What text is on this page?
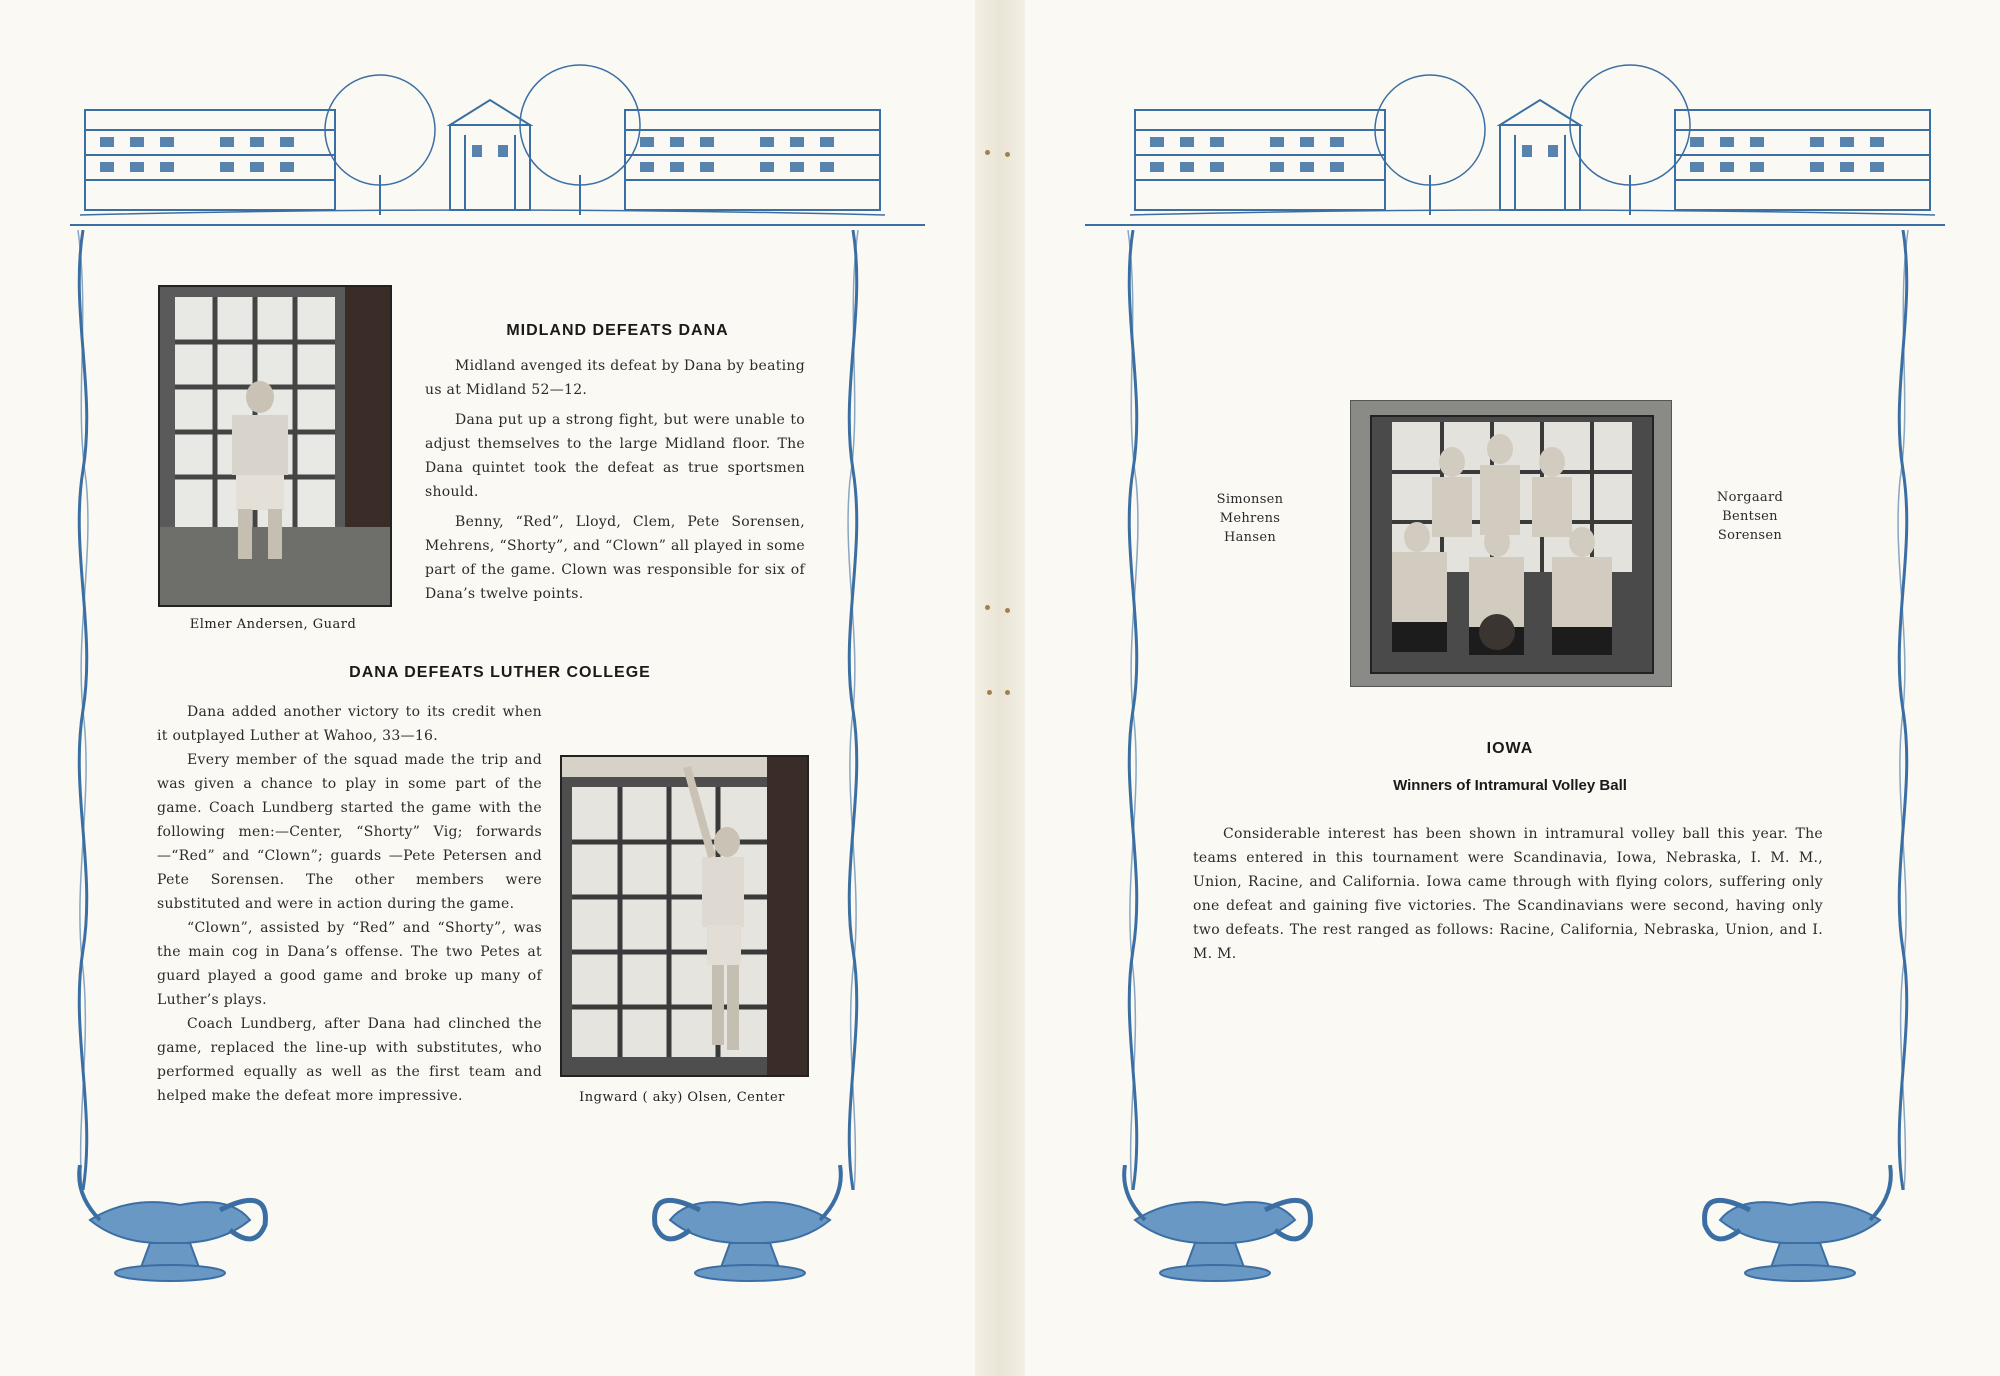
Elmer Andersen, Guard
MIDLAND DEFEATS DANA

Midland avenged its defeat by Dana by beating us at Midland 52—12.

Dana put up a strong fight, but were unable to adjust themselves to the large Midland floor. The Dana quintet took the defeat as true sportsmen should.

Benny, “Red”, Lloyd, Clem, Pete Sorensen, Mehrens, “Shorty”, and “Clown” all played in some part of the game. Clown was responsible for six of Dana’s twelve points.

DANA DEFEATS LUTHER COLLEGE

Dana added another victory to its credit when it outplayed Luther at Wahoo, 33—16.

Every member of the squad made the trip and was given a chance to play in some part of the game. Coach Lundberg started the game with the following men:—Center, “Shorty” Vig; forwards—“Red” and “Clown”; guards —Pete Petersen and Pete Sorensen. The other members were substituted and were in action during the game.

“Clown”, assisted by “Red” and “Shorty”, was the main cog in Dana’s offense. The two Petes at guard played a good game and broke up many of Luther’s plays.

Coach Lundberg, after Dana had clinched the game, replaced the line-up with substitutes, who performed equally as well as the first team and helped make the defeat more impressive.	Ingward ( aky) Olsen, Center
Simonsen
Mehrens
Hansen
Norgaard
Bentsen
Sorensen
IOWA
Winners of Intramural Volley Ball

Considerable interest has been shown in intramural volley ball this year. The teams entered in this tournament were Scandinavia, Iowa, Nebraska, I. M. M., Union, Racine, and California. Iowa came through with flying colors, suffering only one defeat and gaining five victories. The Scandinavians were second, having only two defeats. The rest ranged as follows: Racine, California, Nebraska, Union, and I. M. M.
